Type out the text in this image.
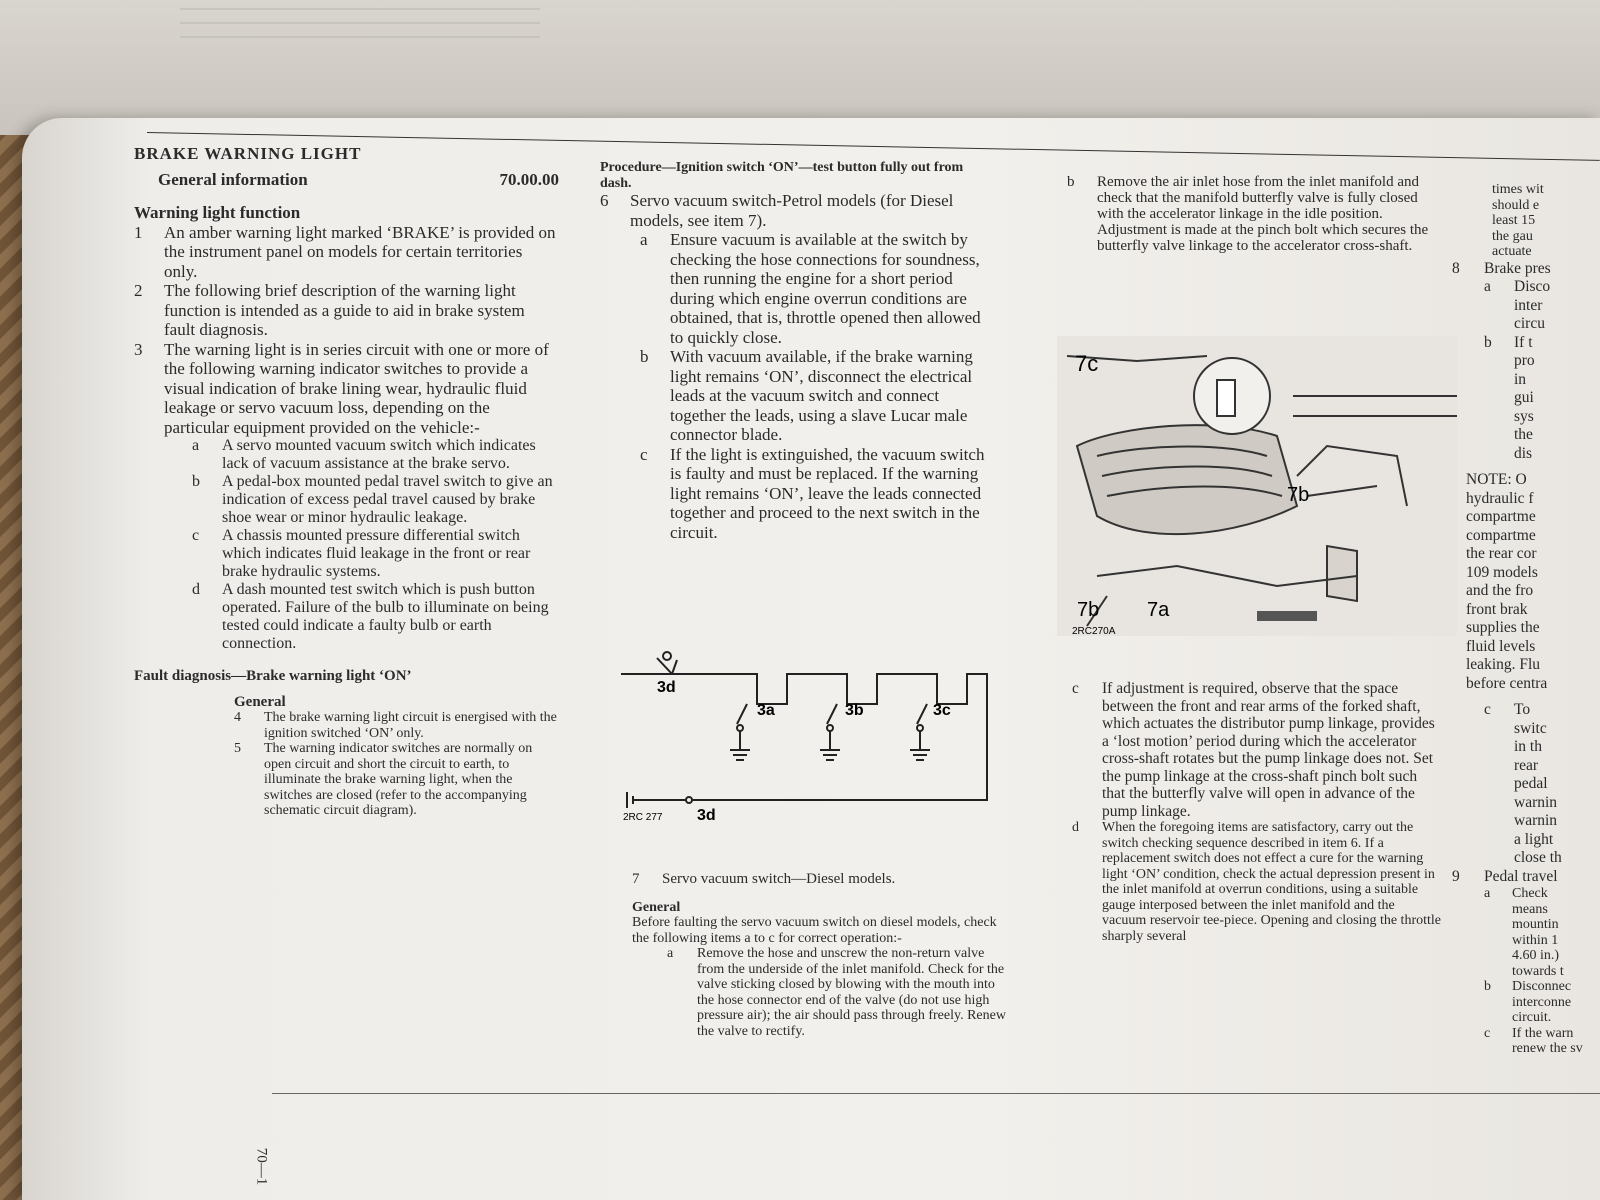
BRAKE WARNING LIGHT

General information	70.00.00

Warning light function

1	An amber warning light marked ‘BRAKE’ is provided on the instrument panel on models for certain territories only.
2	The following brief description of the warning light function is intended as a guide to aid in brake system fault diagnosis.
3	The warning light is in series circuit with one or more of the following warning indicator switches to provide a visual indication of brake lining wear, hydraulic fluid leakage or servo vacuum loss, depending on the particular equipment provided on the vehicle:-
a	A servo mounted vacuum switch which indicates lack of vacuum assistance at the brake servo.
b	A pedal-box mounted pedal travel switch to give an indication of excess pedal travel caused by brake shoe wear or minor hydraulic leakage.
c	A chassis mounted pressure differential switch which indicates fluid leakage in the front or rear brake hydraulic systems.
d	A dash mounted test switch which is push button operated. Failure of the bulb to illuminate on being tested could indicate a faulty bulb or earth connection.

Fault diagnosis—Brake warning light ‘ON’

General

4	The brake warning light circuit is energised with the ignition switched ‘ON’ only.
5	The warning indicator switches are normally on open circuit and short the circuit to earth, to illuminate the brake warning light, when the switches are closed (refer to the accompanying schematic circuit diagram).

Procedure—Ignition switch ‘ON’—test button fully out from dash.

6	Servo vacuum switch-Petrol models (for Diesel models, see item 7).
a	Ensure vacuum is available at the switch by checking the hose connections for soundness, then running the engine for a short period during which engine overrun conditions are obtained, that is, throttle opened then allowed to quickly close.
b	With vacuum available, if the brake warning light remains ‘ON’, disconnect the electrical leads at the vacuum switch and connect together the leads, using a slave Lucar male connector blade.
c	If the light is extinguished, the vacuum switch is faulty and must be replaced. If the warning light remains ‘ON’, leave the leads connected together and proceed to the next switch in the circuit.
3d
3a	3b	3c
3d
2RC 277
7	Servo vacuum switch—Diesel models.

General

Before faulting the servo vacuum switch on diesel models, check the following items a to c for correct operation:-

a	Remove the hose and unscrew the non-return valve from the underside of the inlet manifold. Check for the valve sticking closed by blowing with the mouth into the hose connector end of the valve (do not use high pressure air); the air should pass through freely. Renew the valve to rectify.
b	Remove the air inlet hose from the inlet manifold and check that the manifold butterfly valve is fully closed with the accelerator linkage in the idle position. Adjustment is made at the pinch bolt which secures the butterfly valve linkage to the accelerator cross-shaft.
7c
7b
7b 7a
2RC270A
c	If adjustment is required, observe that the space between the front and rear arms of the forked shaft, which actuates the distributor pump linkage, provides a ‘lost motion’ period during which the accelerator cross-shaft rotates but the pump linkage does not. Set the pump linkage at the cross-shaft pinch bolt such that the butterfly valve will open in advance of the pump linkage.
d	When the foregoing items are satisfactory, carry out the switch checking sequence described in item 6. If a replacement switch does not effect a cure for the warning light ‘ON’ condition, check the actual depression present in the inlet manifold at overrun conditions, using a suitable gauge interposed between the inlet manifold and the vacuum reservoir tee-piece. Opening and closing the throttle sharply several
times wit
should e
least 15
the gau
actuate
8	Brake pres
a	Disco
inter
circu
b	If t
pro
in
gui
sys
the
dis
NOTE: O
hydraulic f
compartme
compartme
the rear cor
109 models
and the fro
front brak
supplies the
fluid levels
leaking. Flu
before centra
c	To
switc
in th
rear
pedal
warnin
warnin
a light
close th
9	Pedal travel
a	Check
means
mountin
within 1
4.60 in.)
towards t
b	Disconnec
interconne
circuit.
c	If the warn
renew the sv
70—1
